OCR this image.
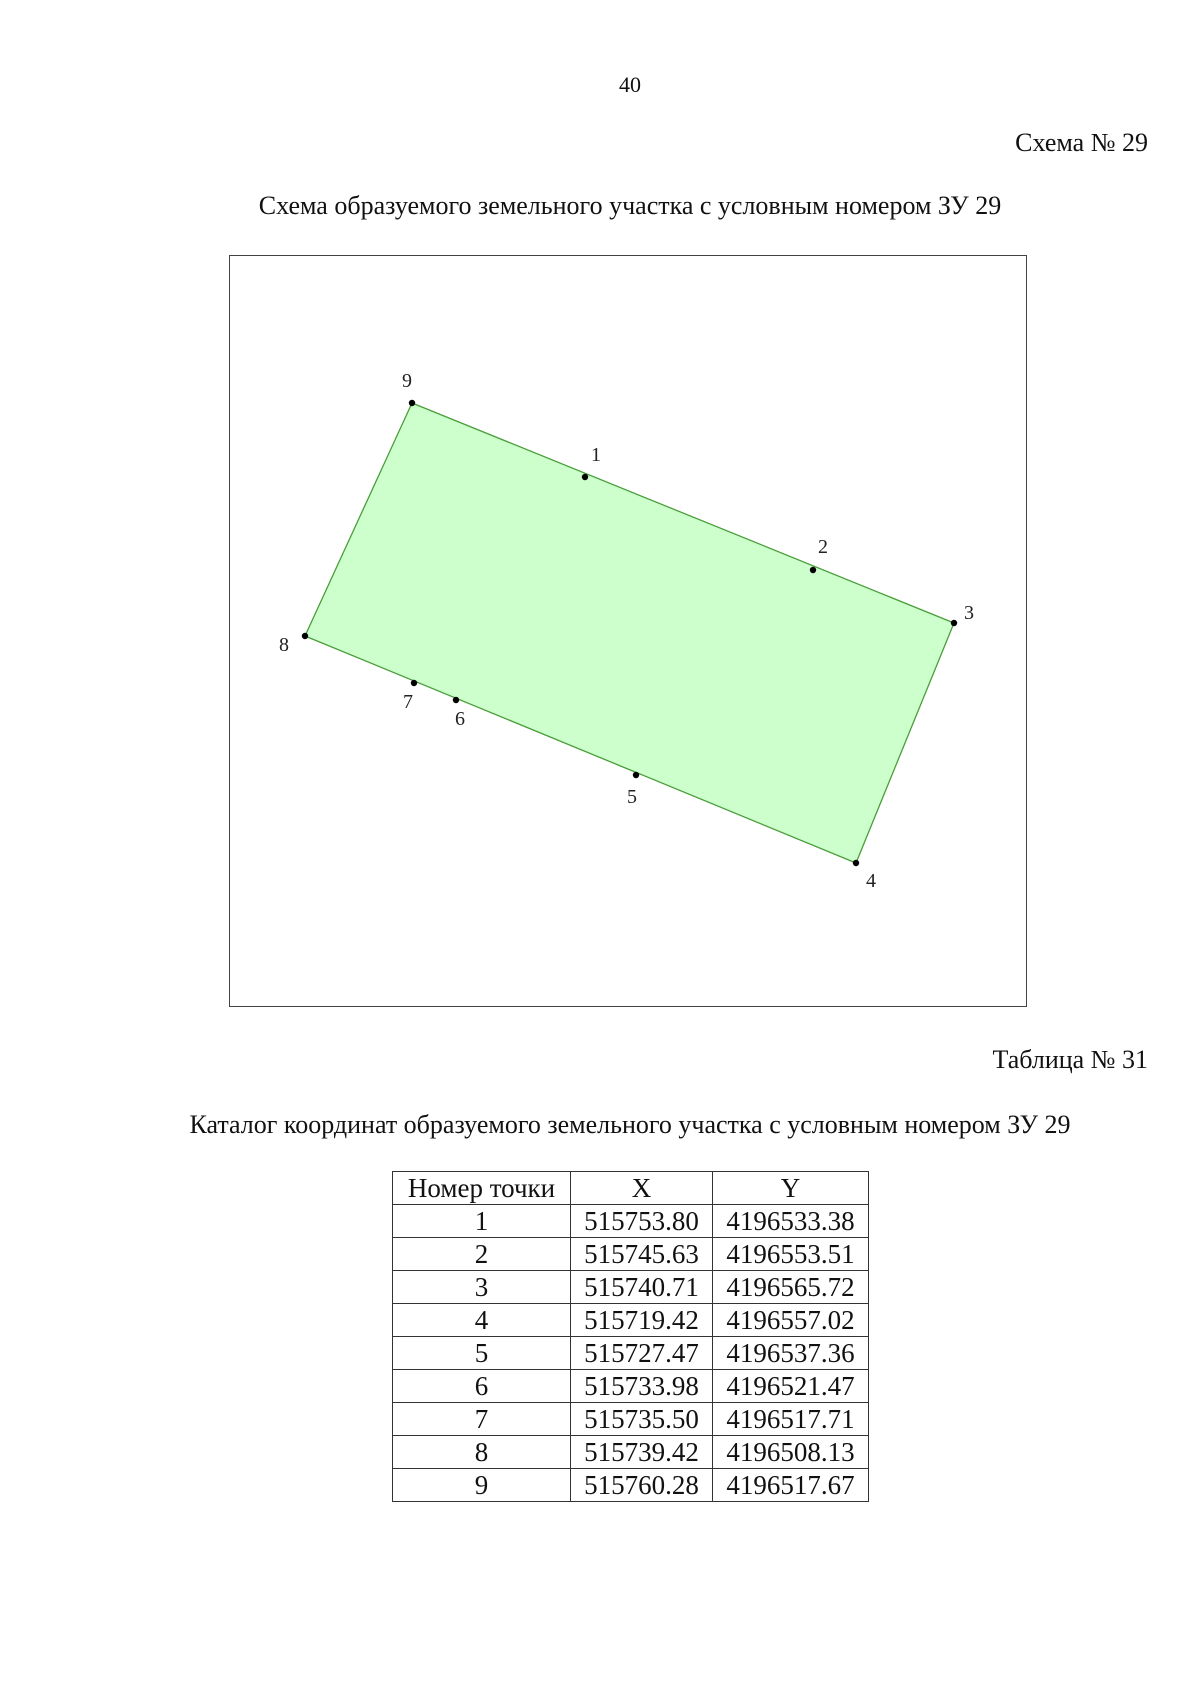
40
Схема № 29
Схема образуемого земельного участка с условным номером ЗУ 29
1
2
3
4
5
6
7
8
9
Таблица № 31
Каталог координат образуемого земельного участка с условным номером ЗУ 29
Номер точки	X	Y
1	515753.80	4196533.38
2	515745.63	4196553.51
3	515740.71	4196565.72
4	515719.42	4196557.02
5	515727.47	4196537.36
6	515733.98	4196521.47
7	515735.50	4196517.71
8	515739.42	4196508.13
9	515760.28	4196517.67
